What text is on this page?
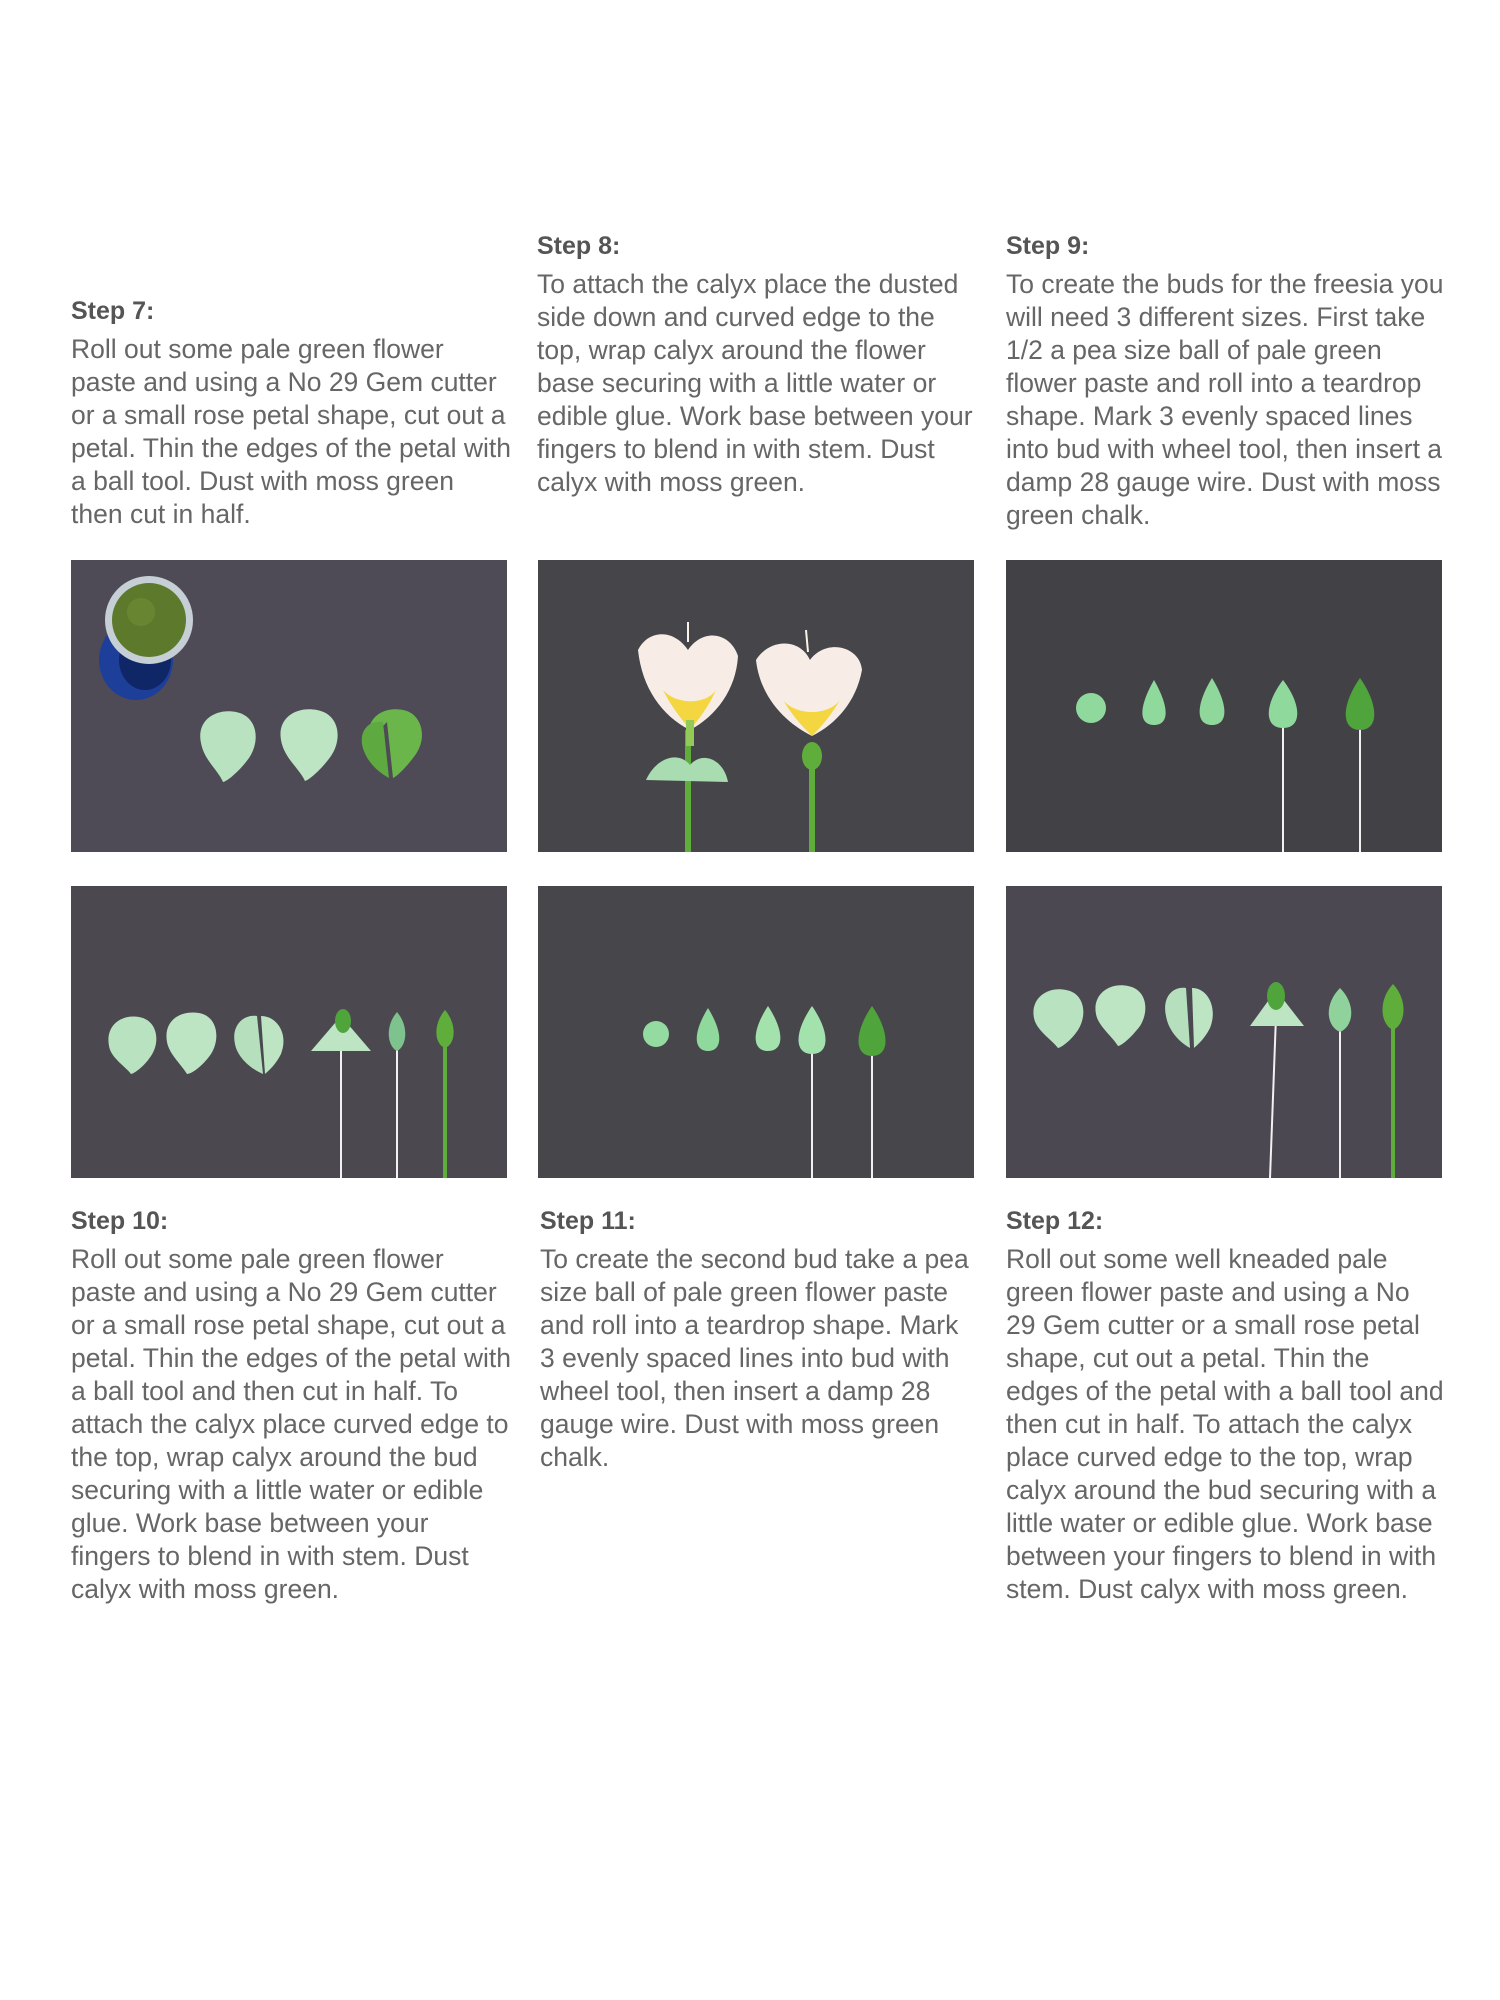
Step 7:

Roll out some pale green flower paste and using a No 29 Gem cutter or a small rose petal shape, cut out a petal. Thin the edges of the petal with a ball tool. Dust with moss green then cut in half.

Step 8:

To attach the calyx place the dusted side down and curved edge to the top, wrap calyx around the flower base securing with a little water or edible glue. Work base between your fingers to blend in with stem. Dust calyx with moss green.

Step 9:

To create the buds for the freesia you will need 3 different sizes. First take 1/2 a pea size ball of pale green flower paste and roll into a teardrop shape. Mark 3 evenly spaced lines into bud with wheel tool, then insert a damp 28 gauge wire. Dust with moss green chalk.

Step 10:

Roll out some pale green flower paste and using a No 29 Gem cutter or a small rose petal shape, cut out a petal. Thin the edges of the petal with a ball tool and then cut in half. To attach the calyx place curved edge to the top, wrap calyx around the bud securing with a little water or edible glue. Work base between your fingers to blend in with stem. Dust calyx with moss green.

Step 11:

To create the second bud take a pea size ball of pale green flower paste and roll into a teardrop shape. Mark 3 evenly spaced lines into bud with wheel tool, then insert a damp 28 gauge wire. Dust with moss green chalk.

Step 12:

Roll out some well kneaded pale green flower paste and using a No 29 Gem cutter or a small rose petal shape, cut out a petal. Thin the edges of the petal with a ball tool and then cut in half. To attach the calyx place curved edge to the top, wrap calyx around the bud securing with a little water or edible glue. Work base between your fingers to blend in with stem. Dust calyx with moss green.
